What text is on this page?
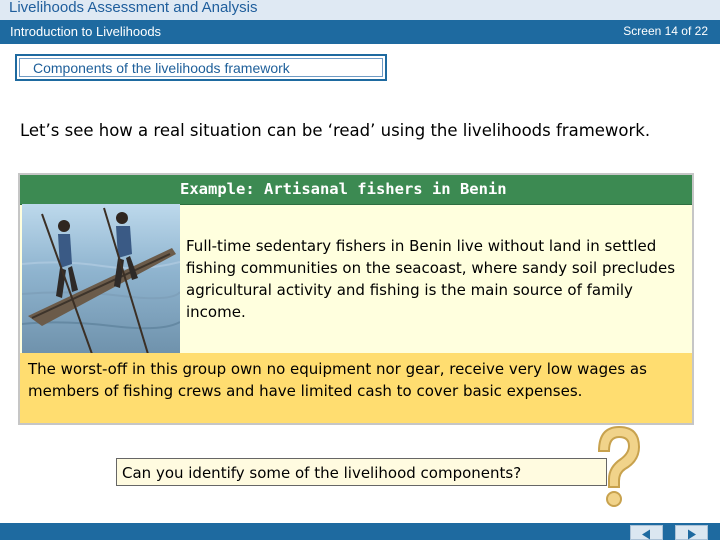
Livelihoods Assessment and Analysis
Introduction to Livelihoods	Screen 14 of 22
Components of the livelihoods framework
Let’s see how a real situation can be ‘read’ using the livelihoods framework.
Example: Artisanal fishers in Benin
Full-time sedentary fishers in Benin live without land in settled fishing communities on the seacoast, where sandy soil precludes agricultural activity and fishing is the main source of family income.
The worst-off in this group own no equipment nor gear, receive very low wages as members of fishing crews and have limited cash to cover basic expenses.
Can you identify some of the livelihood components?
